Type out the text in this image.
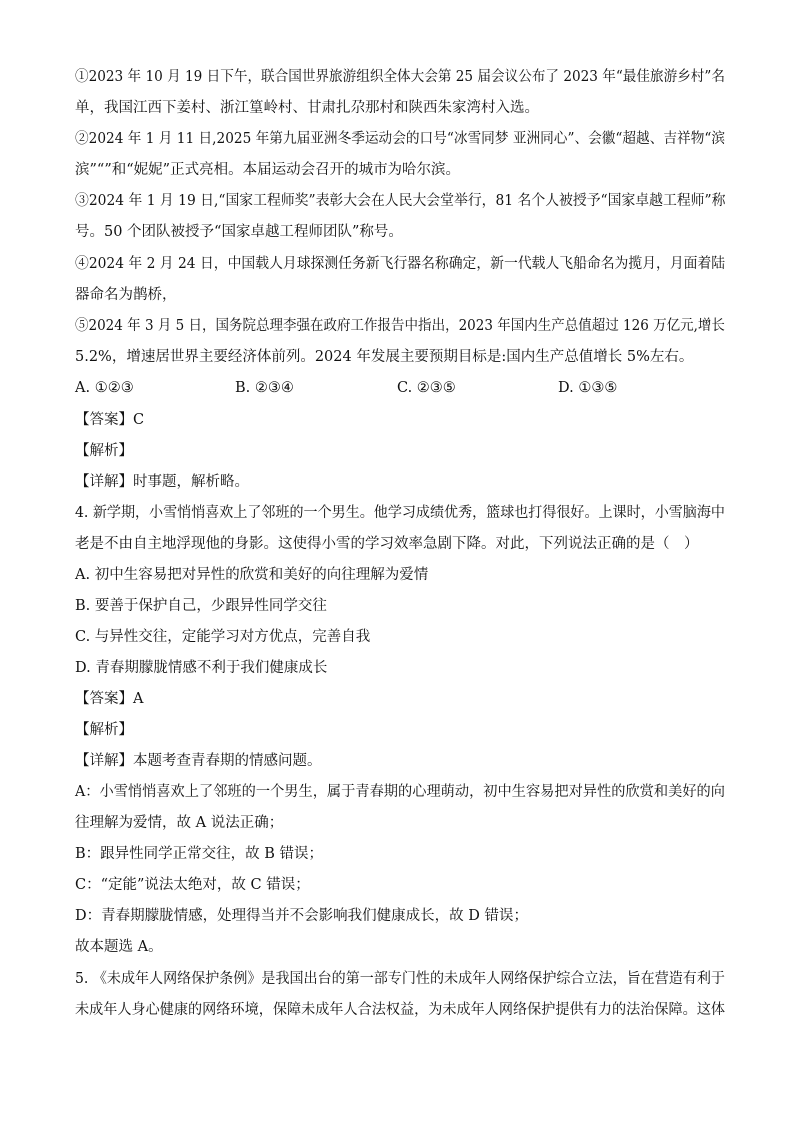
①2023 年 10 月 19 日下午，联合国世界旅游组织全体大会第 25 届会议公布了 2023 年“最佳旅游乡村”名
单，我国江西下姜村、浙江篁岭村、甘肃扎尕那村和陕西朱家湾村入选。
②2024 年 1 月 11 日,2025 年第九届亚洲冬季运动会的口号“冰雪同梦 亚洲同心”、会徽“超越、吉祥物“滨
滨”“”和“妮妮”正式亮相。本届运动会召开的城市为哈尔滨。
③2024 年 1 月 19 日,“国家工程师奖”表彰大会在人民大会堂举行，81 名个人被授予“国家卓越工程师”称
号。50 个团队被授予“国家卓越工程师团队”称号。
④2024 年 2 月 24 日，中国载人月球探测任务新飞行器名称确定，新一代载人飞船命名为揽月，月面着陆
器命名为鹊桥，
⑤2024 年 3 月 5 日，国务院总理李强在政府工作报告中指出，2023 年国内生产总值超过 126 万亿元,增长
5.2%，增速居世界主要经济体前列。2024 年发展主要预期目标是:国内生产总值增长 5%左右。
A. ①②③	B. ②③④	C. ②③⑤	D. ①③⑤
【答案】C
【解析】
【详解】时事题，解析略。
4. 新学期，小雪悄悄喜欢上了邻班的一个男生。他学习成绩优秀，篮球也打得很好。上课时，小雪脑海中
老是不由自主地浮现他的身影。这使得小雪的学习效率急剧下降。对此，下列说法正确的是（　）
A. 初中生容易把对异性的欣赏和美好的向往理解为爱情
B. 要善于保护自己，少跟异性同学交往
C. 与异性交往，定能学习对方优点，完善自我
D. 青春期朦胧情感不利于我们健康成长
【答案】A
【解析】
【详解】本题考查青春期的情感问题。
A：小雪悄悄喜欢上了邻班的一个男生，属于青春期的心理萌动，初中生容易把对异性的欣赏和美好的向
往理解为爱情，故 A 说法正确；
B：跟异性同学正常交往，故 B 错误；
C：“定能”说法太绝对，故 C 错误；
D：青春期朦胧情感，处理得当并不会影响我们健康成长，故 D 错误；
故本题选 A。
5. 《未成年人网络保护条例》是我国出台的第一部专门性的未成年人网络保护综合立法，旨在营造有利于
未成年人身心健康的网络环境，保障未成年人合法权益，为未成年人网络保护提供有力的法治保障。这体
